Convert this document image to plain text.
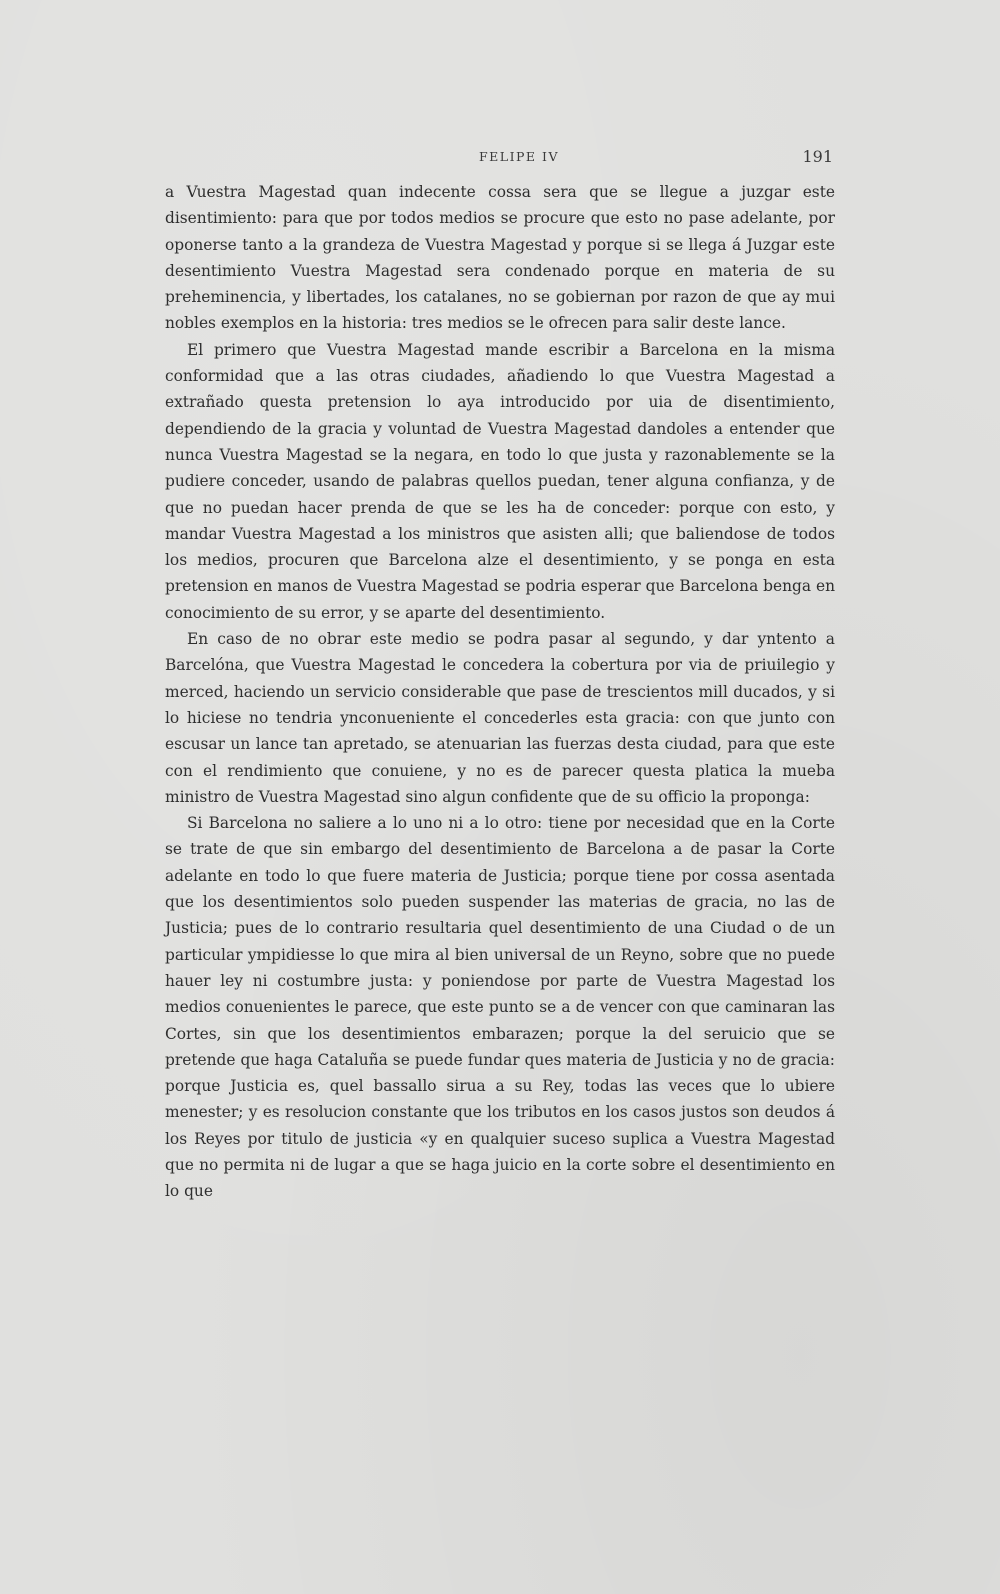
FELIPE IV	191

a Vuestra Magestad quan indecente cossa sera que se llegue a juzgar este disentimiento: para que por todos medios se procure que esto no pase adelante, por oponerse tanto a la grandeza de Vuestra Magestad y porque si se llega á Juzgar este desentimiento Vuestra Magestad sera condenado porque en materia de su preheminencia, y libertades, los catalanes, no se gobiernan por razon de que ay mui nobles exemplos en la historia: tres medios se le ofrecen para salir deste lance.

El primero que Vuestra Magestad mande escribir a Barcelona en la misma conformidad que a las otras ciudades, añadiendo lo que Vuestra Magestad a extrañado questa pretension lo aya introducido por uia de disentimiento, dependiendo de la gracia y voluntad de Vuestra Magestad dandoles a entender que nunca Vuestra Magestad se la negara, en todo lo que justa y razonablemente se la pudiere conceder, usando de palabras quellos puedan, tener alguna confianza, y de que no puedan hacer prenda de que se les ha de conceder: porque con esto, y mandar Vuestra Magestad a los ministros que asisten alli; que baliendose de todos los medios, procuren que Barcelona alze el desentimiento, y se ponga en esta pretension en manos de Vuestra Magestad se podria esperar que Barcelona benga en conocimiento de su error, y se aparte del desentimiento.

En caso de no obrar este medio se podra pasar al segundo, y dar yntento a Barcelóna, que Vuestra Magestad le concedera la cobertura por via de priuilegio y merced, haciendo un servicio considerable que pase de trescientos mill ducados, y si lo hiciese no tendria ynconueniente el concederles esta gracia: con que junto con escusar un lance tan apretado, se atenuarian las fuerzas desta ciudad, para que este con el rendimiento que conuiene, y no es de parecer questa platica la mueba ministro de Vuestra Magestad sino algun confidente que de su officio la proponga:

Si Barcelona no saliere a lo uno ni a lo otro: tiene por necesidad que en la Corte se trate de que sin embargo del desentimiento de Barcelona a de pasar la Corte adelante en todo lo que fuere materia de Justicia; porque tiene por cossa asentada que los desentimientos solo pueden suspender las materias de gracia, no las de Justicia; pues de lo contrario resultaria quel desentimiento de una Ciudad o de un particular ympidiesse lo que mira al bien universal de un Reyno, sobre que no puede hauer ley ni costumbre justa: y poniendose por parte de Vuestra Magestad los medios conuenientes le parece, que este punto se a de vencer con que caminaran las Cortes, sin que los desentimientos embarazen; porque la del seruicio que se pretende que haga Cataluña se puede fundar ques materia de Justicia y no de gracia: porque Justicia es, quel bassallo sirua a su Rey, todas las veces que lo ubiere menester; y es resolucion constante que los tributos en los casos justos son deudos á los Reyes por titulo de justicia «y en qualquier suceso suplica a Vuestra Magestad que no permita ni de lugar a que se haga juicio en la corte sobre el desentimiento en lo que
